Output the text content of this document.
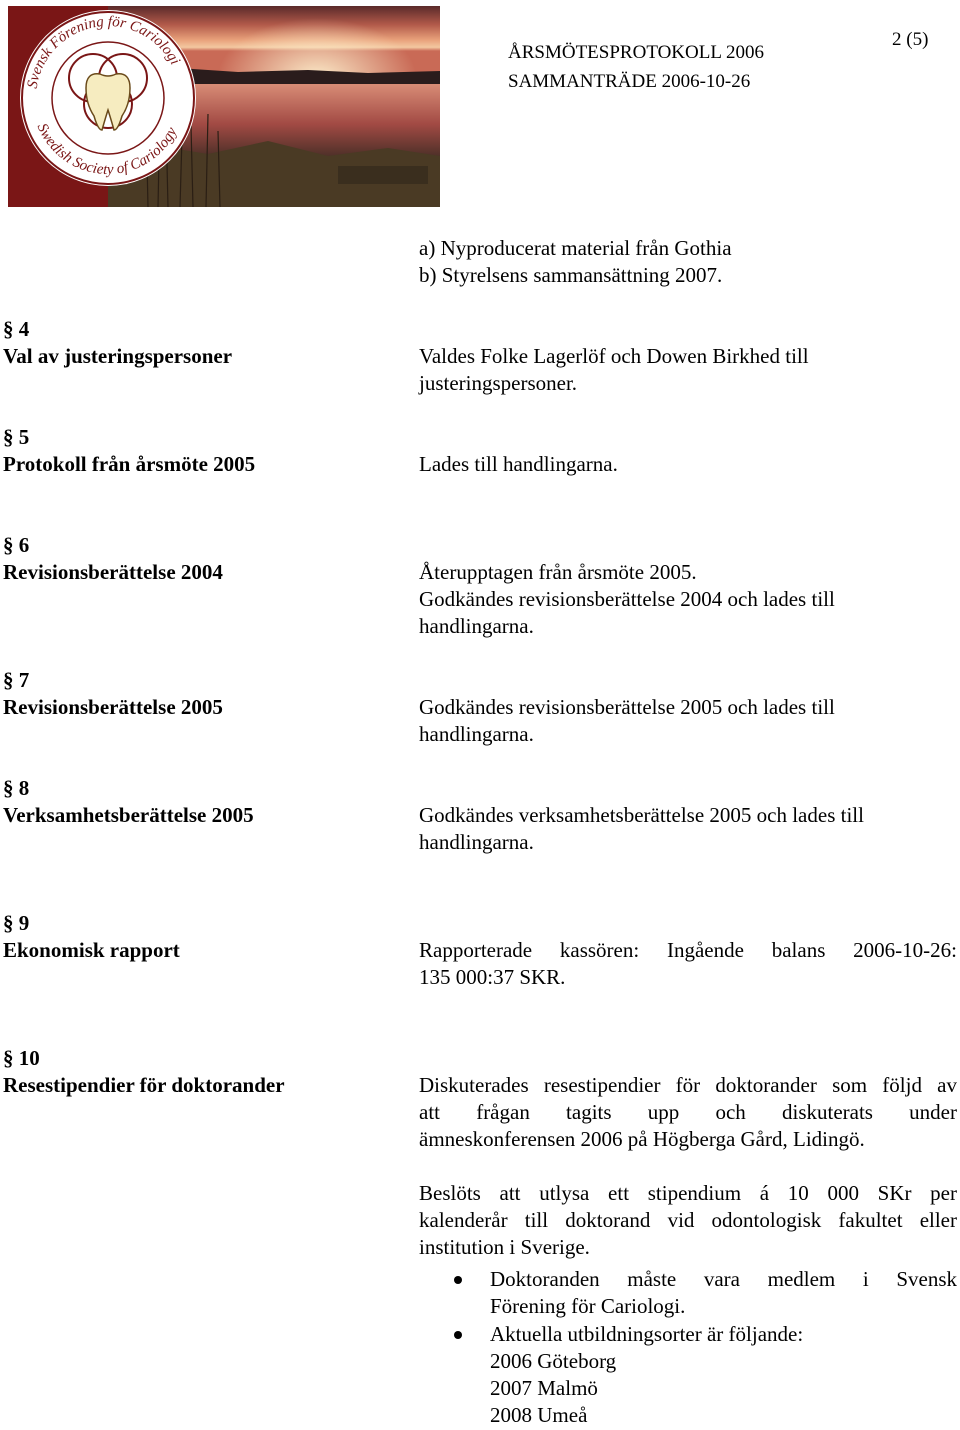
Svensk Förening för Cariologi
Swedish Society of Cariology
ÅRSMÖTESPROTOKOLL 2006
SAMMANTRÄDE 2006-10-26
2 (5)
a) Nyproducerat material från Gothia
b) Styrelsens sammansättning 2007.
§ 4
Val av justeringspersoner	Valdes Folke Lagerlöf och Dowen Birkhed till
justeringspersoner.
§ 5
Protokoll från årsmöte 2005	Lades till handlingarna.
§ 6
Revisionsberättelse 2004	Återupptagen från årsmöte 2005.
Godkändes revisionsberättelse 2004 och lades till
handlingarna.
§ 7
Revisionsberättelse 2005	Godkändes revisionsberättelse 2005 och lades till
handlingarna.
§ 8
Verksamhetsberättelse 2005	Godkändes verksamhetsberättelse 2005 och lades till
handlingarna.
§ 9
Ekonomisk rapport	Rapporterade kassören: Ingående balans 2006-10-26:
135 000:37 SKR.
§ 10
Resestipendier för doktorander	Diskuterades resestipendier för doktorander som följd av
att frågan tagits upp och diskuterats under
ämneskonferensen 2006 på Högberga Gård, Lidingö.
Beslöts att utlysa ett stipendium á 10 000 SKr per
kalenderår till doktorand vid odontologisk fakultet eller
institution i Sverige.
Doktoranden måste vara medlem i Svensk
Förening för Cariologi.
Aktuella utbildningsorter är följande:
2006 Göteborg
2007 Malmö
2008 Umeå
